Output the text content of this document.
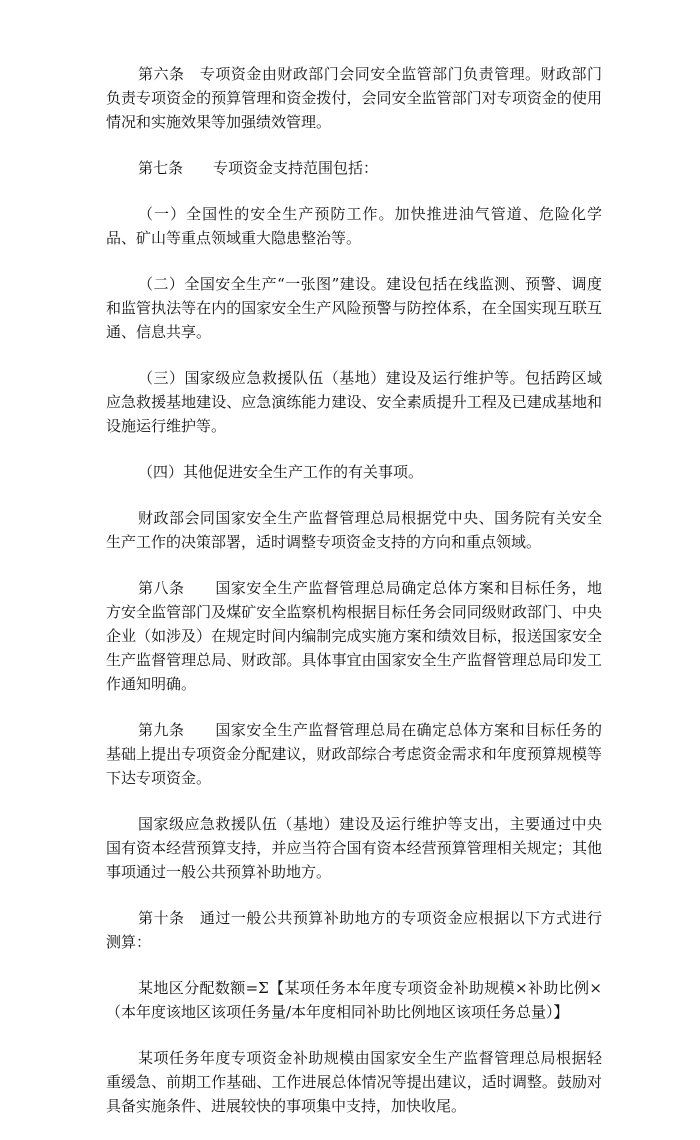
第六条　专项资金由财政部门会同安全监管部门负责管理。财政部门负责专项资金的预算管理和资金拨付，会同安全监管部门对专项资金的使用情况和实施效果等加强绩效管理。

第七条　　专项资金支持范围包括：

（一）全国性的安全生产预防工作。加快推进油气管道、危险化学品、矿山等重点领域重大隐患整治等。

（二）全国安全生产“一张图”建设。建设包括在线监测、预警、调度和监管执法等在内的国家安全生产风险预警与防控体系，在全国实现互联互通、信息共享。

（三）国家级应急救援队伍（基地）建设及运行维护等。包括跨区域应急救援基地建设、应急演练能力建设、安全素质提升工程及已建成基地和设施运行维护等。

（四）其他促进安全生产工作的有关事项。

财政部会同国家安全生产监督管理总局根据党中央、国务院有关安全生产工作的决策部署，适时调整专项资金支持的方向和重点领域。

第八条　　国家安全生产监督管理总局确定总体方案和目标任务，地方安全监管部门及煤矿安全监察机构根据目标任务会同同级财政部门、中央企业（如涉及）在规定时间内编制完成实施方案和绩效目标，报送国家安全生产监督管理总局、财政部。具体事宜由国家安全生产监督管理总局印发工作通知明确。

第九条　　国家安全生产监督管理总局在确定总体方案和目标任务的基础上提出专项资金分配建议，财政部综合考虑资金需求和年度预算规模等下达专项资金。

国家级应急救援队伍（基地）建设及运行维护等支出，主要通过中央国有资本经营预算支持，并应当符合国有资本经营预算管理相关规定；其他事项通过一般公共预算补助地方。

第十条　通过一般公共预算补助地方的专项资金应根据以下方式进行测算：

某地区分配数额=Σ【某项任务本年度专项资金补助规模×补助比例×（本年度该地区该项任务量/本年度相同补助比例地区该项任务总量）】

某项任务年度专项资金补助规模由国家安全生产监督管理总局根据轻重缓急、前期工作基础、工作进展总体情况等提出建议，适时调整。鼓励对具备实施条件、进展较快的事项集中支持，加快收尾。
